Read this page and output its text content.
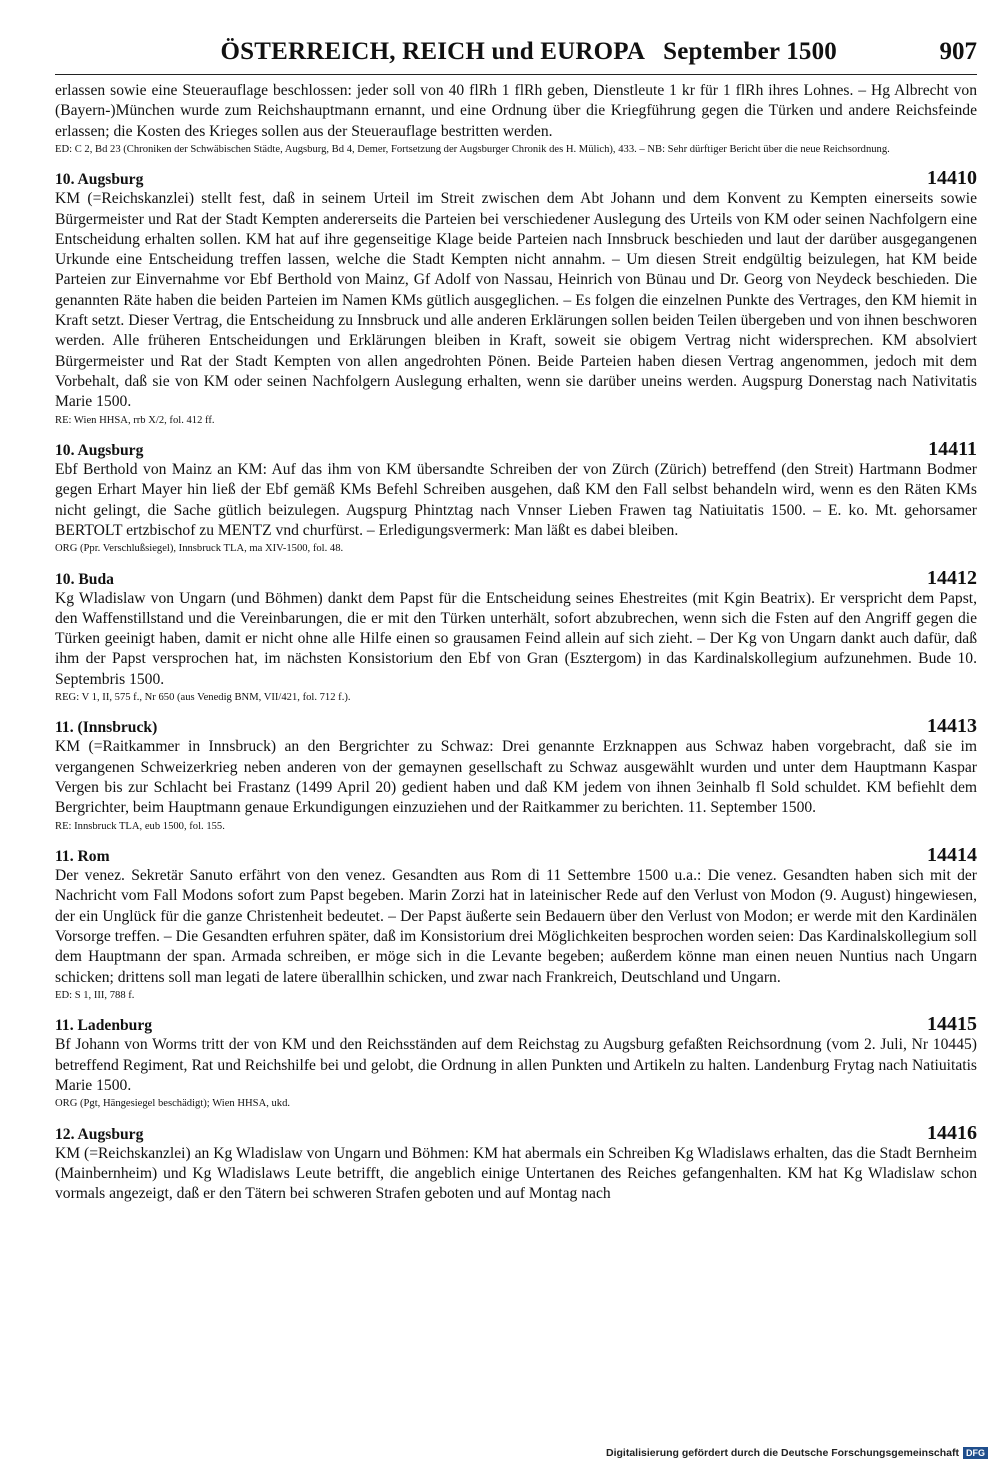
ÖSTERREICH, REICH und EUROPA   September 1500	907
erlassen sowie eine Steuerauflage beschlossen: jeder soll von 40 flRh 1 flRh geben, Dienstleute 1 kr für 1 flRh ihres Lohnes. – Hg Albrecht von (Bayern-)München wurde zum Reichshauptmann ernannt, und eine Ordnung über die Kriegführung gegen die Türken und andere Reichsfeinde erlassen; die Kosten des Krieges sollen aus der Steuerauflage bestritten werden.
ED: C 2, Bd 23 (Chroniken der Schwäbischen Städte, Augsburg, Bd 4, Demer, Fortsetzung der Augsburger Chronik des H. Mülich), 433. – NB: Sehr dürftiger Bericht über die neue Reichsordnung.
10. Augsburg	14410
KM (=Reichskanzlei) stellt fest, daß in seinem Urteil im Streit zwischen dem Abt Johann und dem Konvent zu Kempten einerseits sowie Bürgermeister und Rat der Stadt Kempten andererseits die Parteien bei verschiedener Auslegung des Urteils von KM oder seinen Nachfolgern eine Entscheidung erhalten sollen. KM hat auf ihre gegenseitige Klage beide Parteien nach Innsbruck beschieden und laut der darüber ausgegangenen Urkunde eine Entscheidung treffen lassen, welche die Stadt Kempten nicht annahm. – Um diesen Streit endgültig beizulegen, hat KM beide Parteien zur Einvernahme vor Ebf Berthold von Mainz, Gf Adolf von Nassau, Heinrich von Bünau und Dr. Georg von Neydeck beschieden. Die genannten Räte haben die beiden Parteien im Namen KMs gütlich ausgeglichen. – Es folgen die einzelnen Punkte des Vertrages, den KM hiemit in Kraft setzt. Dieser Vertrag, die Entscheidung zu Innsbruck und alle anderen Erklärungen sollen beiden Teilen übergeben und von ihnen beschworen werden. Alle früheren Entscheidungen und Erklärungen bleiben in Kraft, soweit sie obigem Vertrag nicht widersprechen. KM absolviert Bürgermeister und Rat der Stadt Kempten von allen angedrohten Pönen. Beide Parteien haben diesen Vertrag angenommen, jedoch mit dem Vorbehalt, daß sie von KM oder seinen Nachfolgern Auslegung erhalten, wenn sie darüber uneins werden. Augspurg Donerstag nach Nativitatis Marie 1500.
RE: Wien HHSA, rrb X/2, fol. 412 ff.
10. Augsburg	14411
Ebf Berthold von Mainz an KM: Auf das ihm von KM übersandte Schreiben der von Zürch (Zürich) betreffend (den Streit) Hartmann Bodmer gegen Erhart Mayer hin ließ der Ebf gemäß KMs Befehl Schreiben ausgehen, daß KM den Fall selbst behandeln wird, wenn es den Räten KMs nicht gelingt, die Sache gütlich beizulegen. Augspurg Phintztag nach Vnnser Lieben Frawen tag Natiuitatis 1500. – E. ko. Mt. gehorsamer BERTOLT ertzbischof zu MENTZ vnd churfürst. – Erledigungsvermerk: Man läßt es dabei bleiben.
ORG (Ppr. Verschlußsiegel), Innsbruck TLA, ma XIV-1500, fol. 48.
10. Buda	14412
Kg Wladislaw von Ungarn (und Böhmen) dankt dem Papst für die Entscheidung seines Ehestreites (mit Kgin Beatrix). Er verspricht dem Papst, den Waffenstillstand und die Vereinbarungen, die er mit den Türken unterhält, sofort abzubrechen, wenn sich die Fsten auf den Angriff gegen die Türken geeinigt haben, damit er nicht ohne alle Hilfe einen so grausamen Feind allein auf sich zieht. – Der Kg von Ungarn dankt auch dafür, daß ihm der Papst versprochen hat, im nächsten Konsistorium den Ebf von Gran (Esztergom) in das Kardinalskollegium aufzunehmen. Bude 10. Septembris 1500.
REG: V 1, II, 575 f., Nr 650 (aus Venedig BNM, VII/421, fol. 712 f.).
11. (Innsbruck)	14413
KM (=Raitkammer in Innsbruck) an den Bergrichter zu Schwaz: Drei genannte Erzknappen aus Schwaz haben vorgebracht, daß sie im vergangenen Schweizerkrieg neben anderen von der gemaynen gesellschaft zu Schwaz ausgewählt wurden und unter dem Hauptmann Kaspar Vergen bis zur Schlacht bei Frastanz (1499 April 20) gedient haben und daß KM jedem von ihnen 3einhalb fl Sold schuldet. KM befiehlt dem Bergrichter, beim Hauptmann genaue Erkundigungen einzuziehen und der Raitkammer zu berichten. 11. September 1500.
RE: Innsbruck TLA, eub 1500, fol. 155.
11. Rom	14414
Der venez. Sekretär Sanuto erfährt von den venez. Gesandten aus Rom di 11 Settembre 1500 u.a.: Die venez. Gesandten haben sich mit der Nachricht vom Fall Modons sofort zum Papst begeben. Marin Zorzi hat in lateinischer Rede auf den Verlust von Modon (9. August) hingewiesen, der ein Unglück für die ganze Christenheit bedeutet. – Der Papst äußerte sein Bedauern über den Verlust von Modon; er werde mit den Kardinälen Vorsorge treffen. – Die Gesandten erfuhren später, daß im Konsistorium drei Möglichkeiten besprochen worden seien: Das Kardinalskollegium soll dem Hauptmann der span. Armada schreiben, er möge sich in die Levante begeben; außerdem könne man einen neuen Nuntius nach Ungarn schicken; drittens soll man legati de latere überallhin schicken, und zwar nach Frankreich, Deutschland und Ungarn.
ED: S 1, III, 788 f.
11. Ladenburg	14415
Bf Johann von Worms tritt der von KM und den Reichsständen auf dem Reichstag zu Augsburg gefaßten Reichsordnung (vom 2. Juli, Nr 10445) betreffend Regiment, Rat und Reichshilfe bei und gelobt, die Ordnung in allen Punkten und Artikeln zu halten. Landenburg Frytag nach Natiuitatis Marie 1500.
ORG (Pgt, Hängesiegel beschädigt); Wien HHSA, ukd.
12. Augsburg	14416
KM (=Reichskanzlei) an Kg Wladislaw von Ungarn und Böhmen: KM hat abermals ein Schreiben Kg Wladislaws erhalten, das die Stadt Bernheim (Mainbernheim) und Kg Wladislaws Leute betrifft, die angeblich einige Untertanen des Reiches gefangenhalten. KM hat Kg Wladislaw schon vormals angezeigt, daß er den Tätern bei schweren Strafen geboten und auf Montag nach
Digitalisierung gefördert durch die Deutsche Forschungsgemeinschaft DFG
